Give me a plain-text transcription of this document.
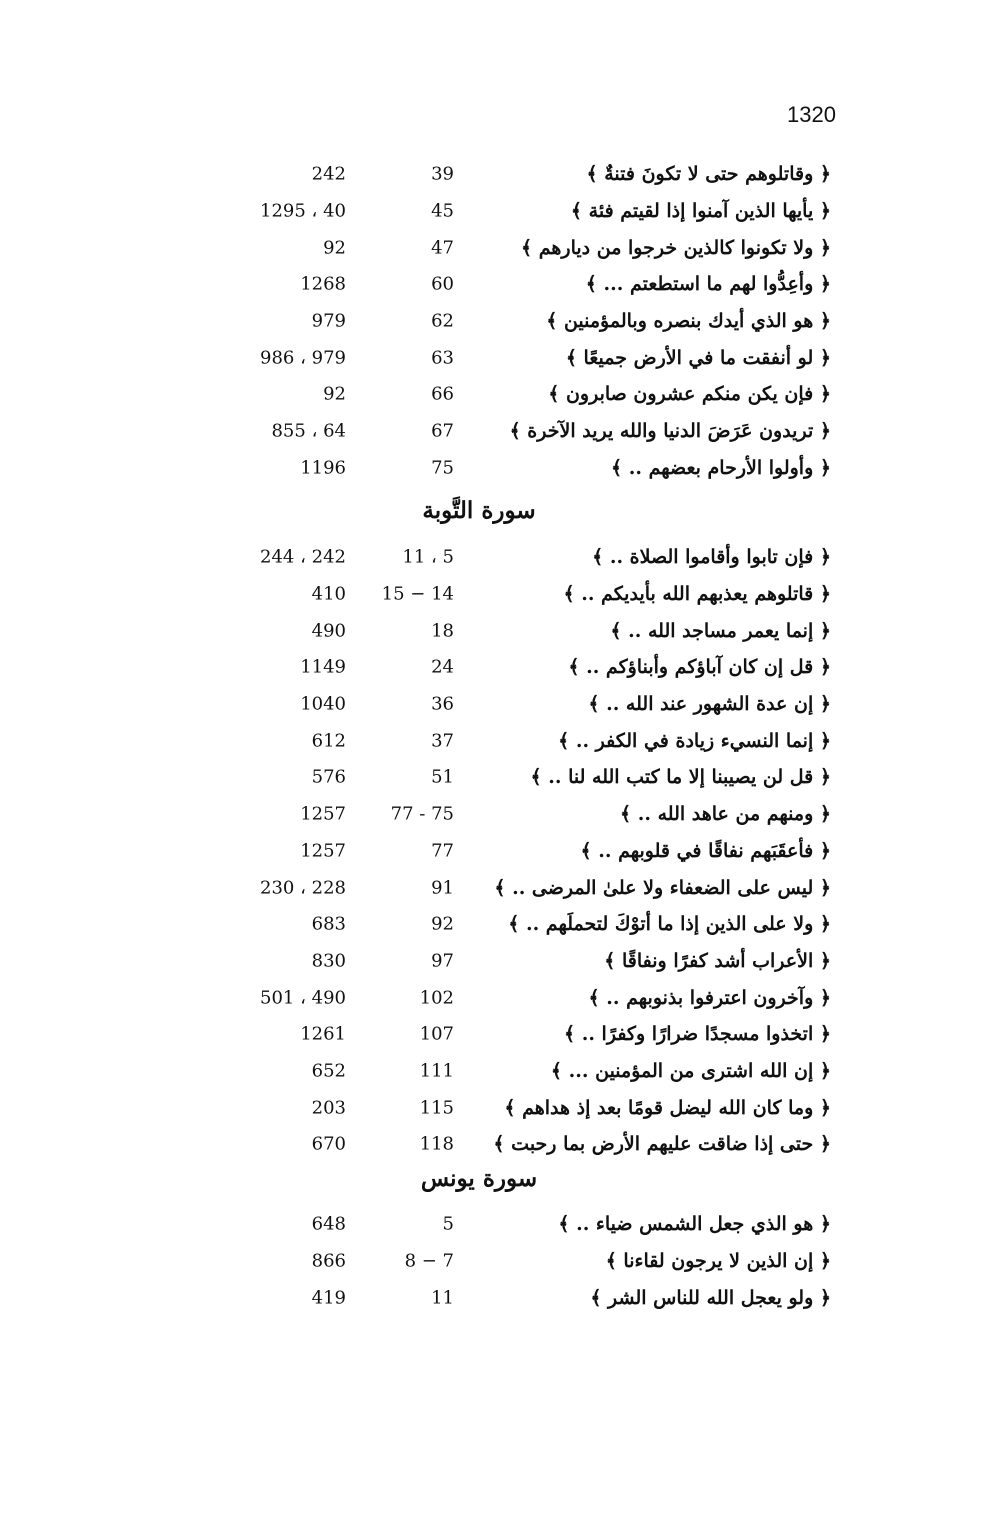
1320
﴿ وقاتلوهم حتى لا تكونَ فتنةٌ ﴾
39
242
﴿ يأيها الذين آمنوا إذا لقيتم فئة ﴾
45
1295 ، 40
﴿ ولا تكونوا كالذين خرجوا من ديارهم ﴾
47
92
﴿ وأعِدُّوا لهم ما استطعتم ... ﴾
60
1268
﴿ هو الذي أيدك بنصره وبالمؤمنين ﴾
62
979
﴿ لو أنفقت ما في الأرض جميعًا ﴾
63
986 ، 979
﴿ فإن يكن منكم عشرون صابرون ﴾
66
92
﴿ تريدون عَرَضَ الدنيا والله يريد الآخرة ﴾
67
855 ، 64
﴿ وأولوا الأرحام بعضهم .. ﴾
75
1196
سورة التَّوبة
﴿ فإن تابوا وأقاموا الصلاة .. ﴾
11 ، 5
244 ، 242
﴿ قاتلوهم يعذبهم الله بأيديكم .. ﴾
15 − 14
410
﴿ إنما يعمر مساجد الله .. ﴾
18
490
﴿ قل إن كان آباؤكم وأبناؤكم .. ﴾
24
1149
﴿ إن عدة الشهور عند الله .. ﴾
36
1040
﴿ إنما النسيء زيادة في الكفر .. ﴾
37
612
﴿ قل لن يصيبنا إلا ما كتب الله لنا .. ﴾
51
576
﴿ ومنهم من عاهد الله .. ﴾
77 - 75
1257
﴿ فأعقَبَهم نفاقًا في قلوبهم .. ﴾
77
1257
﴿ ليس على الضعفاء ولا علىٰ المرضى .. ﴾
91
230 ، 228
﴿ ولا على الذين إذا ما أتوْكَ لتحملَهم .. ﴾
92
683
﴿ الأعراب أشد كفرًا ونفاقًا ﴾
97
830
﴿ وآخرون اعترفوا بذنوبهم .. ﴾
102
501 ، 490
﴿ اتخذوا مسجدًا ضرارًا وكفرًا .. ﴾
107
1261
﴿ إن الله اشترى من المؤمنين ... ﴾
111
652
﴿ وما كان الله ليضل قومًا بعد إذ هداهم ﴾
115
203
﴿ حتى إذا ضاقت عليهم الأرض بما رحبت ﴾
118
670
سورة يونس
﴿ هو الذي جعل الشمس ضياء .. ﴾
5
648
﴿ إن الذين لا يرجون لقاءنا ﴾
8 − 7
866
﴿ ولو يعجل الله للناس الشر ﴾
11
419
